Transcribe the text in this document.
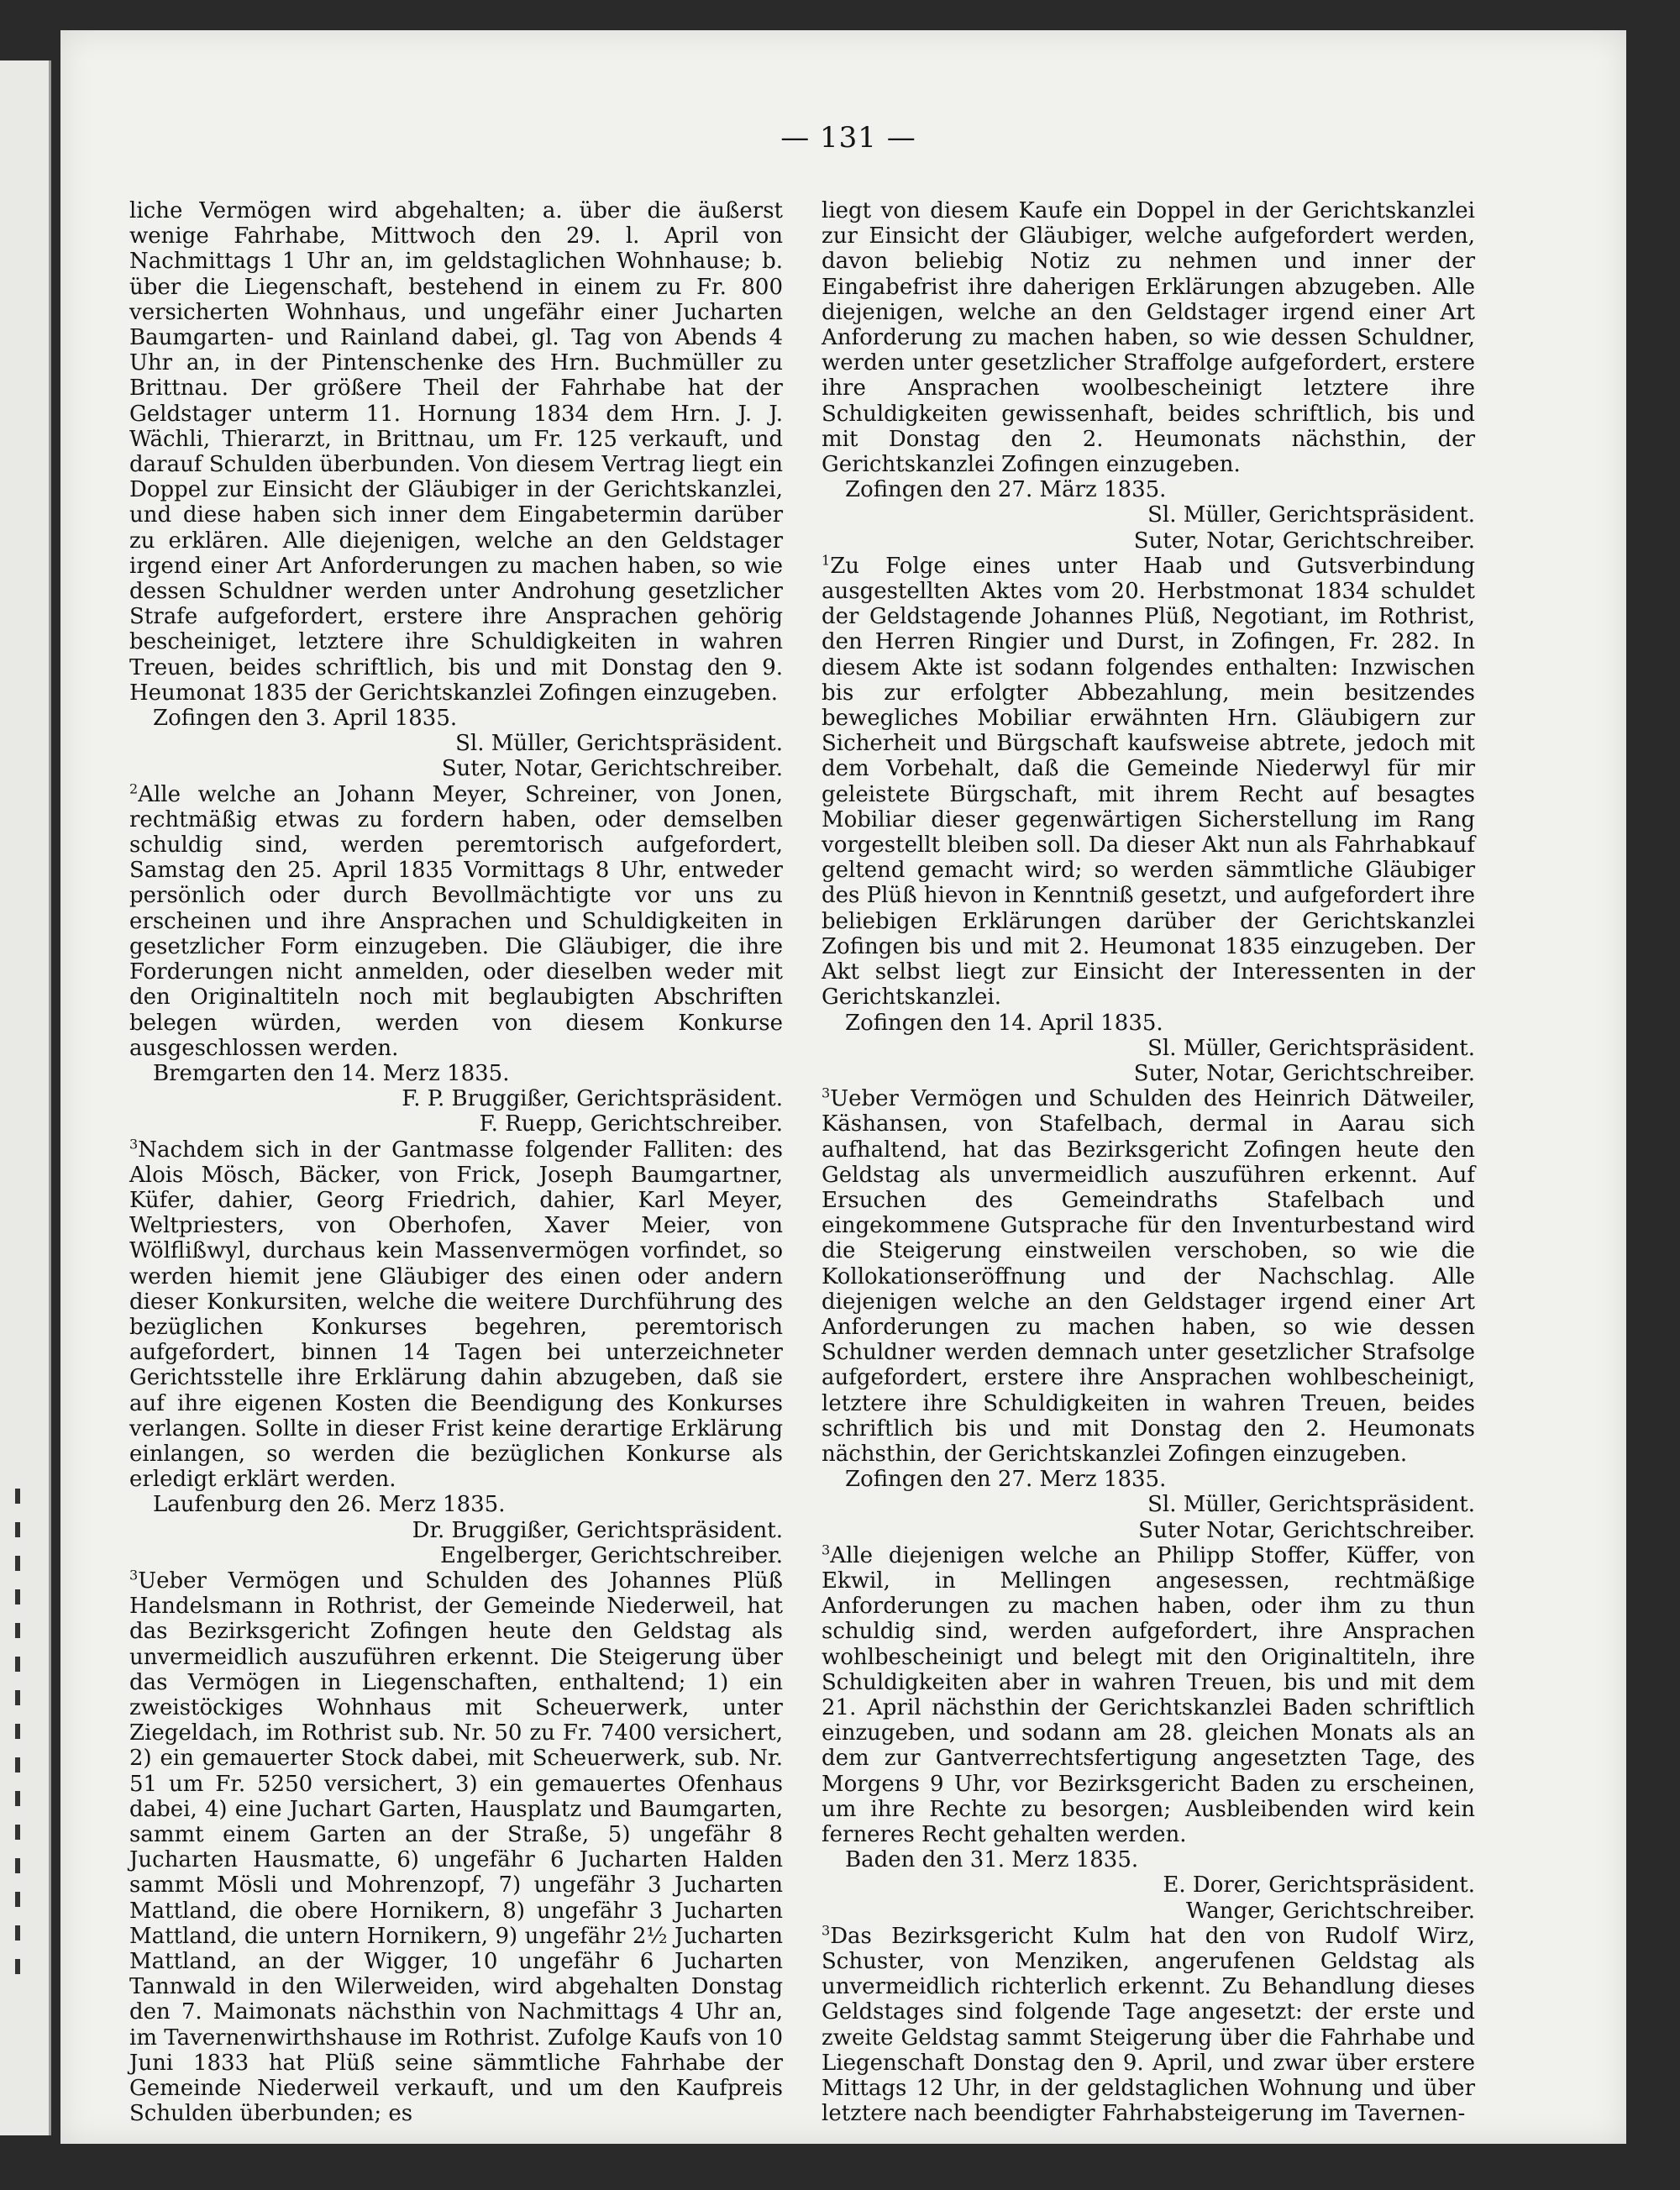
— 131 —

liche Vermögen wird abgehalten; a. über die äußerst wenige Fahrhabe, Mittwoch den 29. l. April von Nachmittags 1 Uhr an, im geldstaglichen Wohnhause; b. über die Liegenschaft, bestehend in einem zu Fr. 800 versicherten Wohnhaus, und ungefähr einer Jucharten Baumgarten- und Rainland dabei, gl. Tag von Abends 4 Uhr an, in der Pintenschenke des Hrn. Buchmüller zu Brittnau. Der größere Theil der Fahrhabe hat der Geldstager unterm 11. Hornung 1834 dem Hrn. J. J. Wächli, Thierarzt, in Brittnau, um Fr. 125 verkauft, und darauf Schulden überbunden. Von diesem Vertrag liegt ein Doppel zur Einsicht der Gläubiger in der Gerichtskanzlei, und diese haben sich inner dem Eingabetermin darüber zu erklären. Alle diejenigen, welche an den Geldstager irgend einer Art Anforderungen zu machen haben, so wie dessen Schuldner werden unter Androhung gesetzlicher Strafe aufgefordert, erstere ihre Ansprachen gehörig bescheiniget, letztere ihre Schuldigkeiten in wahren Treuen, beides schriftlich, bis und mit Donstag den 9. Heumonat 1835 der Gerichtskanzlei Zofingen einzugeben.

Zofingen den 3. April 1835.

Sl. Müller, Gerichtspräsident.

Suter, Notar, Gerichtschreiber.

$^2$Alle welche an Johann Meyer, Schreiner, von Jonen, rechtmäßig etwas zu fordern haben, oder demselben schuldig sind, werden peremtorisch aufgefordert, Samstag den 25. April 1835 Vormittags 8 Uhr, entweder persönlich oder durch Bevollmächtigte vor uns zu erscheinen und ihre Ansprachen und Schuldigkeiten in gesetzlicher Form einzugeben. Die Gläubiger, die ihre Forderungen nicht anmelden, oder dieselben weder mit den Originaltiteln noch mit beglaubigten Abschriften belegen würden, werden von diesem Konkurse ausgeschlossen werden.

Bremgarten den 14. Merz 1835.

F. P. Bruggißer, Gerichtspräsident.

F. Ruepp, Gerichtschreiber.

$^3$Nachdem sich in der Gantmasse folgender Falliten: des Alois Mösch, Bäcker, von Frick, Joseph Baumgartner, Küfer, dahier, Georg Friedrich, dahier, Karl Meyer, Weltpriesters, von Oberhofen, Xaver Meier, von Wölflißwyl, durchaus kein Massenvermögen vorfindet, so werden hiemit jene Gläubiger des einen oder andern dieser Konkursiten, welche die weitere Durchführung des bezüglichen Konkurses begehren, peremtorisch aufgefordert, binnen 14 Tagen bei unterzeichneter Gerichtsstelle ihre Erklärung dahin abzugeben, daß sie auf ihre eigenen Kosten die Beendigung des Konkurses verlangen. Sollte in dieser Frist keine derartige Erklärung einlangen, so werden die bezüglichen Konkurse als erledigt erklärt werden.

Laufenburg den 26. Merz 1835.

Dr. Bruggißer, Gerichtspräsident.

Engelberger, Gerichtschreiber.

$^3$Ueber Vermögen und Schulden des Johannes Plüß Handelsmann in Rothrist, der Gemeinde Niederweil, hat das Bezirksgericht Zofingen heute den Geldstag als unvermeidlich auszuführen erkennt. Die Steigerung über das Vermögen in Liegenschaften, enthaltend; 1) ein zweistöckiges Wohnhaus mit Scheuerwerk, unter Ziegeldach, im Rothrist sub. Nr. 50 zu Fr. 7400 versichert, 2) ein gemauerter Stock dabei, mit Scheuerwerk, sub. Nr. 51 um Fr. 5250 versichert, 3) ein gemauertes Ofenhaus dabei, 4) eine Juchart Garten, Hausplatz und Baumgarten, sammt einem Garten an der Straße, 5) ungefähr 8 Jucharten Hausmatte, 6) ungefähr 6 Jucharten Halden sammt Mösli und Mohrenzopf, 7) ungefähr 3 Jucharten Mattland, die obere Hornikern, 8) ungefähr 3 Jucharten Mattland, die untern Hornikern, 9) ungefähr 2½ Jucharten Mattland, an der Wigger, 10 ungefähr 6 Jucharten Tannwald in den Wilerweiden, wird abgehalten Donstag den 7. Maimonats nächsthin von Nachmittags 4 Uhr an, im Tavernenwirthshause im Rothrist. Zufolge Kaufs von 10 Juni 1833 hat Plüß seine sämmtliche Fahrhabe der Gemeinde Niederweil verkauft, und um den Kaufpreis Schulden überbunden; es

liegt von diesem Kaufe ein Doppel in der Gerichtskanzlei zur Einsicht der Gläubiger, welche aufgefordert werden, davon beliebig Notiz zu nehmen und inner der Eingabefrist ihre daherigen Erklärungen abzugeben. Alle diejenigen, welche an den Geldstager irgend einer Art Anforderung zu machen haben, so wie dessen Schuldner, werden unter gesetzlicher Straffolge aufgefordert, erstere ihre Ansprachen woolbescheinigt letztere ihre Schuldigkeiten gewissenhaft, beides schriftlich, bis und mit Donstag den 2. Heumonats nächsthin, der Gerichtskanzlei Zofingen einzugeben.

Zofingen den 27. März 1835.

Sl. Müller, Gerichtspräsident.

Suter, Notar, Gerichtschreiber.

$^1$Zu Folge eines unter Haab und Gutsverbindung ausgestellten Aktes vom 20. Herbstmonat 1834 schuldet der Geldstagende Johannes Plüß, Negotiant, im Rothrist, den Herren Ringier und Durst, in Zofingen, Fr. 282. In diesem Akte ist sodann folgendes enthalten: Inzwischen bis zur erfolgter Abbezahlung, mein besitzendes bewegliches Mobiliar erwähnten Hrn. Gläubigern zur Sicherheit und Bürgschaft kaufsweise abtrete, jedoch mit dem Vorbehalt, daß die Gemeinde Niederwyl für mir geleistete Bürgschaft, mit ihrem Recht auf besagtes Mobiliar dieser gegenwärtigen Sicherstellung im Rang vorgestellt bleiben soll. Da dieser Akt nun als Fahrhabkauf geltend gemacht wird; so werden sämmtliche Gläubiger des Plüß hievon in Kenntniß gesetzt, und aufgefordert ihre beliebigen Erklärungen darüber der Gerichtskanzlei Zofingen bis und mit 2. Heumonat 1835 einzugeben. Der Akt selbst liegt zur Einsicht der Interessenten in der Gerichtskanzlei.

Zofingen den 14. April 1835.

Sl. Müller, Gerichtspräsident.

Suter, Notar, Gerichtschreiber.

$^3$Ueber Vermögen und Schulden des Heinrich Dätweiler, Käshansen, von Stafelbach, dermal in Aarau sich aufhaltend, hat das Bezirksgericht Zofingen heute den Geldstag als unvermeidlich auszuführen erkennt. Auf Ersuchen des Gemeindraths Stafelbach und eingekommene Gutsprache für den Inventurbestand wird die Steigerung einstweilen verschoben, so wie die Kollokationseröffnung und der Nachschlag. Alle diejenigen welche an den Geldstager irgend einer Art Anforderungen zu machen haben, so wie dessen Schuldner werden demnach unter gesetzlicher Strafsolge aufgefordert, erstere ihre Ansprachen wohlbescheinigt, letztere ihre Schuldigkeiten in wahren Treuen, beides schriftlich bis und mit Donstag den 2. Heumonats nächsthin, der Gerichtskanzlei Zofingen einzugeben.

Zofingen den 27. Merz 1835.

Sl. Müller, Gerichtspräsident.

Suter Notar, Gerichtschreiber.

$^3$Alle diejenigen welche an Philipp Stoffer, Küffer, von Ekwil, in Mellingen angesessen, rechtmäßige Anforderungen zu machen haben, oder ihm zu thun schuldig sind, werden aufgefordert, ihre Ansprachen wohlbescheinigt und belegt mit den Originaltiteln, ihre Schuldigkeiten aber in wahren Treuen, bis und mit dem 21. April nächsthin der Gerichtskanzlei Baden schriftlich einzugeben, und sodann am 28. gleichen Monats als an dem zur Gantverrechtsfertigung angesetzten Tage, des Morgens 9 Uhr, vor Bezirksgericht Baden zu erscheinen, um ihre Rechte zu besorgen; Ausbleibenden wird kein ferneres Recht gehalten werden.

Baden den 31. Merz 1835.

E. Dorer, Gerichtspräsident.

Wanger, Gerichtschreiber.

$^3$Das Bezirksgericht Kulm hat den von Rudolf Wirz, Schuster, von Menziken, angerufenen Geldstag als unvermeidlich richterlich erkennt. Zu Behandlung dieses Geldstages sind folgende Tage angesetzt: der erste und zweite Geldstag sammt Steigerung über die Fahrhabe und Liegenschaft Donstag den 9. April, und zwar über erstere Mittags 12 Uhr, in der geldstaglichen Wohnung und über letztere nach beendigter Fahrhabsteigerung im Tavernen-
